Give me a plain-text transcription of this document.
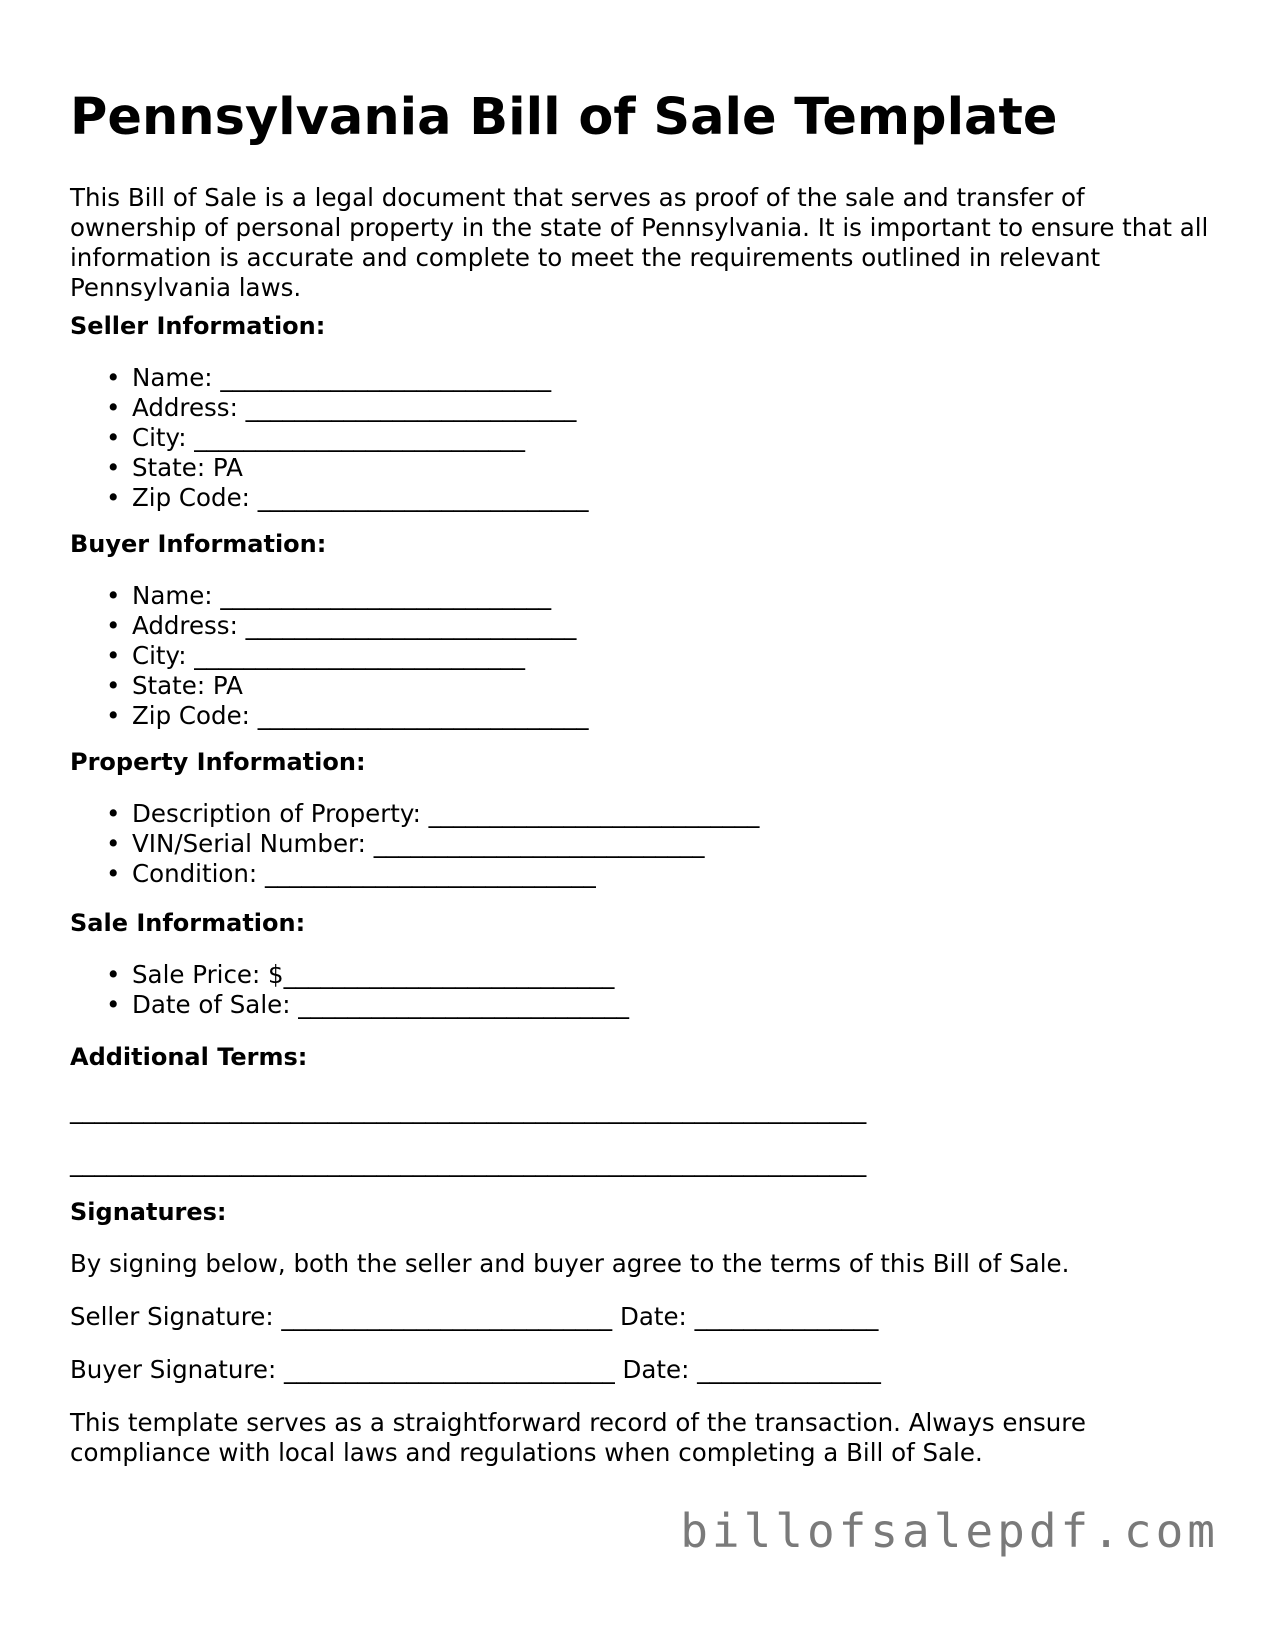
Pennsylvania Bill of Sale Template

This Bill of Sale is a legal document that serves as proof of the sale and transfer of ownership of personal property in the state of Pennsylvania. It is important to ensure that all information is accurate and complete to meet the requirements outlined in relevant Pennsylvania laws.

Seller Information:

• Name: ___________________________
• Address: ___________________________
• City: ___________________________
• State: PA
• Zip Code: ___________________________

Buyer Information:

• Name: ___________________________
• Address: ___________________________
• City: ___________________________
• State: PA
• Zip Code: ___________________________

Property Information:

• Description of Property: ___________________________
• VIN/Serial Number: ___________________________
• Condition: ___________________________

Sale Information:

• Sale Price: $___________________________
• Date of Sale: ___________________________

Additional Terms:

_________________________________________________________________

_________________________________________________________________

Signatures:

By signing below, both the seller and buyer agree to the terms of this Bill of Sale.

Seller Signature: ___________________________ Date: _______________

Buyer Signature: ___________________________ Date: _______________

This template serves as a straightforward record of the transaction. Always ensure compliance with local laws and regulations when completing a Bill of Sale.

billofsalepdf.com
